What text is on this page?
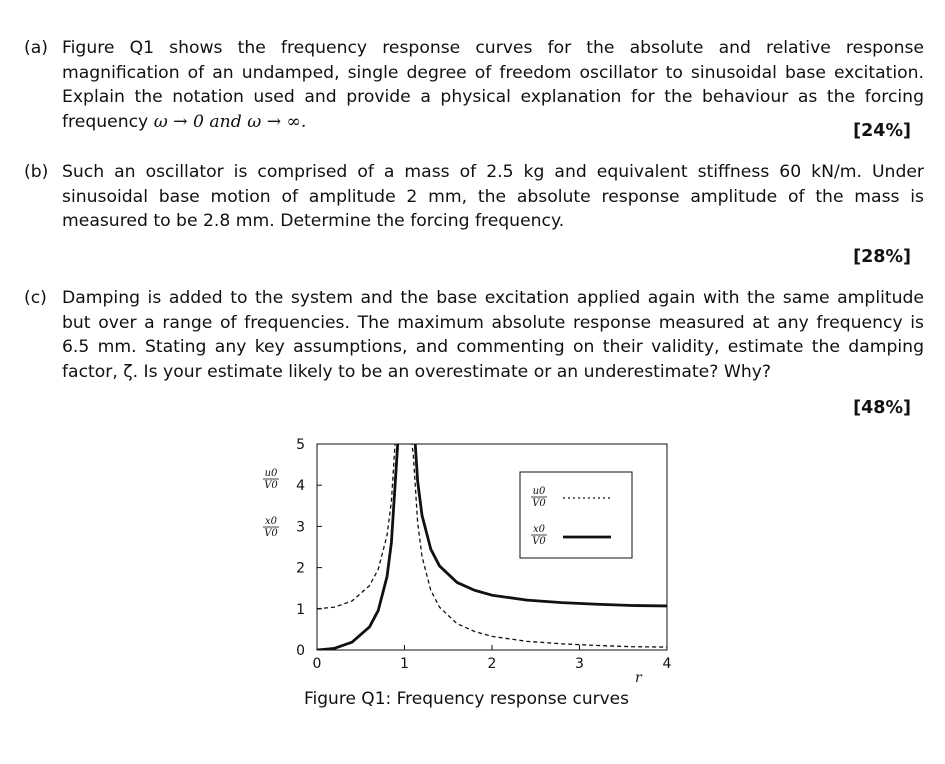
(a) Figure Q1 shows the frequency response curves for the absolute and relative response magnification of an undamped, single degree of freedom oscillator to sinusoidal base excitation. Explain the notation used and provide a physical explanation for the behaviour as the forcing frequency ω → 0 and ω → ∞.	[24%]
(b) Such an oscillator is comprised of a mass of 2.5 kg and equivalent stiffness 60 kN/m. Under sinusoidal base motion of amplitude 2 mm, the absolute response amplitude of the mass is measured to be 2.8 mm. Determine the forcing frequency.
[28%]
(c) Damping is added to the system and the base excitation applied again with the same amplitude but over a range of frequencies. The maximum absolute response measured at any frequency is 6.5 mm. Stating any key assumptions, and commenting on their validity, estimate the damping factor, ζ. Is your estimate likely to be an overestimate or an underestimate? Why?
[48%]
u0
V0
x0
V0
0	1	2	3	4
0
1
2
3
4
5
r
u0
V0
x0
V0
Figure Q1: Frequency response curves
